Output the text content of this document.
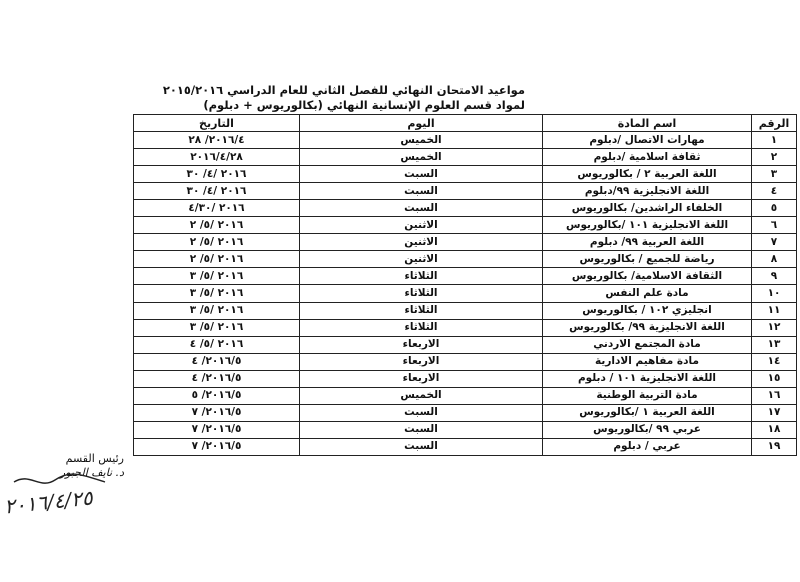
مواعيد الامتحان النهائي للفصل الثاني للعام الدراسي ٢٠١٥/٢٠١٦
لمواد قسم العلوم الإنسانية النهائي (بكالوريوس + دبلوم)
الرقم	اسم المادة	اليوم	التاريخ
١	مهارات الاتصال /دبلوم	الخميس	٢٠١٦/٤/ ٢٨
٢	ثقافة اسلامية /دبلوم	الخميس	٢٠١٦/٤/٢٨
٣	اللغة العربية ٢ / بكالوريوس	السبت	٢٠١٦ /٤/ ٣٠
٤	اللغة الانجليزية ٩٩/دبلوم	السبت	٢٠١٦ /٤/ ٣٠
٥	الخلفاء الراشدين/ بكالوريوس	السبت	٢٠١٦ /٤/٣٠
٦	اللغة الانجليزية ١٠١ /بكالوريوس	الاثنين	٢٠١٦ /٥/ ٢
٧	اللغة العربية ٩٩/ دبلوم	الاثنين	٢٠١٦ /٥/ ٢
٨	رياضة للجميع / بكالوريوس	الاثنين	٢٠١٦ /٥/ ٢
٩	الثقافة الاسلامية/ بكالوريوس	الثلاثاء	٢٠١٦ /٥/ ٣
١٠	مادة علم النفس	الثلاثاء	٢٠١٦ /٥/ ٣
١١	انجليزي ١٠٢ / بكالوريوس	الثلاثاء	٢٠١٦ /٥/ ٣
١٢	اللغة الانجليزية ٩٩/ بكالوريوس	الثلاثاء	٢٠١٦ /٥/ ٣
١٣	مادة المجتمع الاردني	الاربعاء	٢٠١٦ /٥/ ٤
١٤	مادة مفاهيم الادارية	الاربعاء	٢٠١٦/٥/ ٤
١٥	اللغة الانجليزية ١٠١ / دبلوم	الاربعاء	٢٠١٦/٥/ ٤
١٦	مادة التربية الوطنية	الخميس	٢٠١٦/٥/ ٥
١٧	اللغة العربية ١ /بكالوريوس	السبت	٢٠١٦/٥/ ٧
١٨	عربي ٩٩ /بكالوريوس	السبت	٢٠١٦/٥/ ٧
١٩	عربي / دبلوم	السبت	٢٠١٦/٥/ ٧
رئيس القسم
د. نايف الجبور
٢٠١٦/٤/٢٥
